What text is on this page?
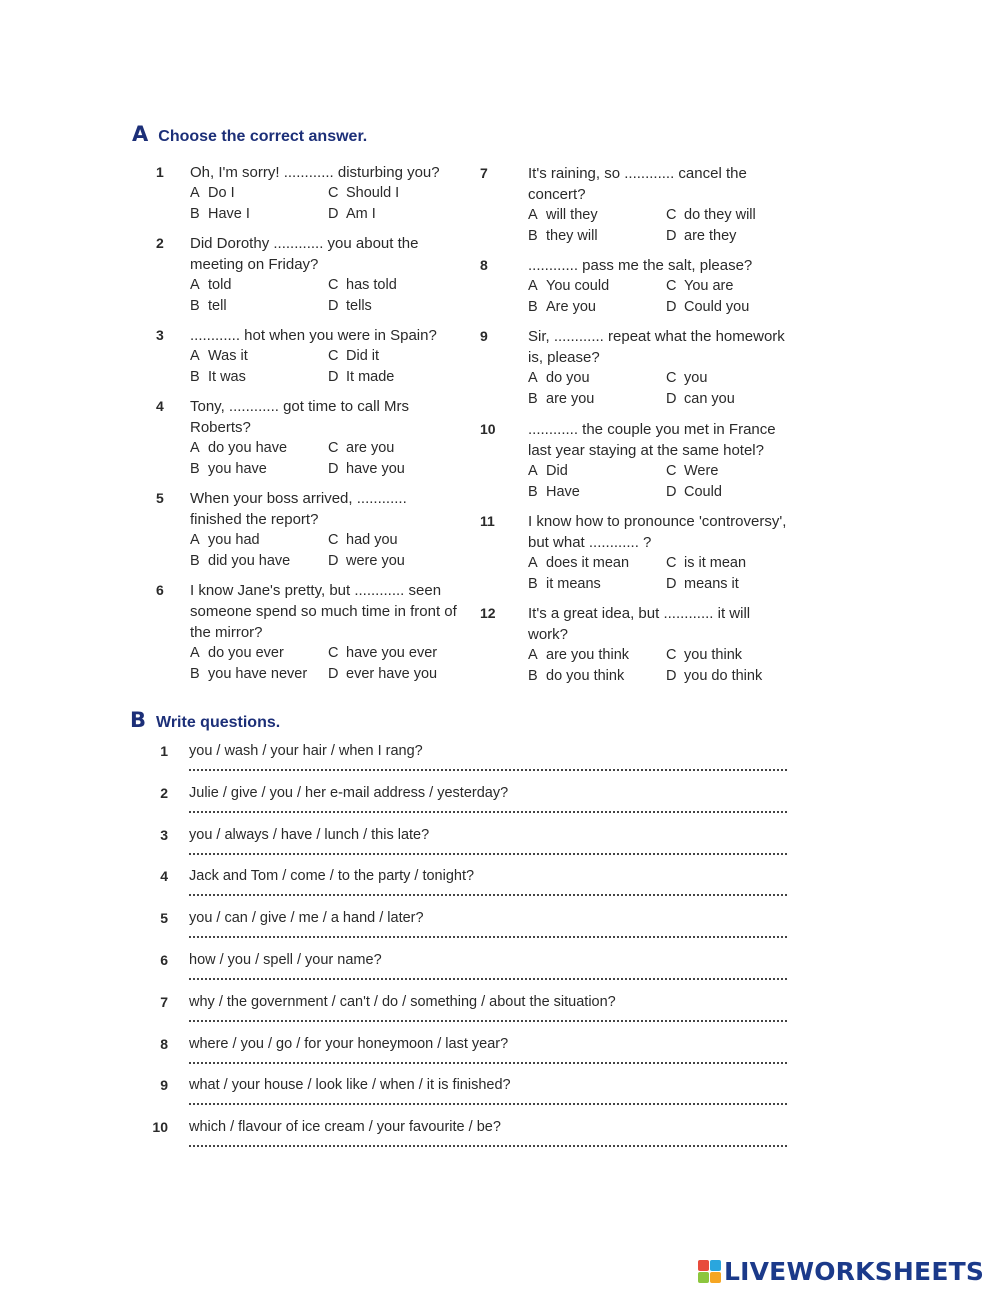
A Choose the correct answer.
1 Oh, I'm sorry! ............ disturbing you?
A Do I	C Should I
B Have I	D Am I
2 Did Dorothy ............ you about the meeting on Friday?
A told	C has told
B tell	D tells
3 ............ hot when you were in Spain?
A Was it	C Did it
B It was	D It made
4 Tony, ............ got time to call Mrs Roberts?
A do you have	C are you
B you have	D have you
5 When your boss arrived, ............ finished the report?
A you had	C had you
B did you have	D were you
6 I know Jane's pretty, but ............ seen someone spend so much time in front of the mirror?
A do you ever	C have you ever
B you have never D ever have you
7	It's raining, so ............ cancel the concert?
A will they	C do they will
B they will	D are they
8	............ pass me the salt, please?
A You could	C You are
B Are you	D Could you
9	Sir, ............ repeat what the homework is, please?
A do you	C you
B are you	D can you
10 ............ the couple you met in France last year staying at the same hotel?
A Did	C Were
B Have	D Could
11 I know how to pronounce 'controversy', but what ............ ?
A does it mean	C is it mean
B it means	D means it
12 It's a great idea, but ............ it will work?
A are you think	C you think
B do you think	D you do think
B Write questions.
1 you / wash / your hair / when I rang?
2 Julie / give / you / her e-mail address / yesterday?
3 you / always / have / lunch / this late?
4 Jack and Tom / come / to the party / tonight?
5 you / can / give / me / a hand / later?
6 how / you / spell / your name?
7 why / the government / can't / do / something / about the situation?
8 where / you / go / for your honeymoon / last year?
9 what / your house / look like / when / it is finished?
10 which / flavour of ice cream / your favourite / be?
LIVEWORKSHEETS
